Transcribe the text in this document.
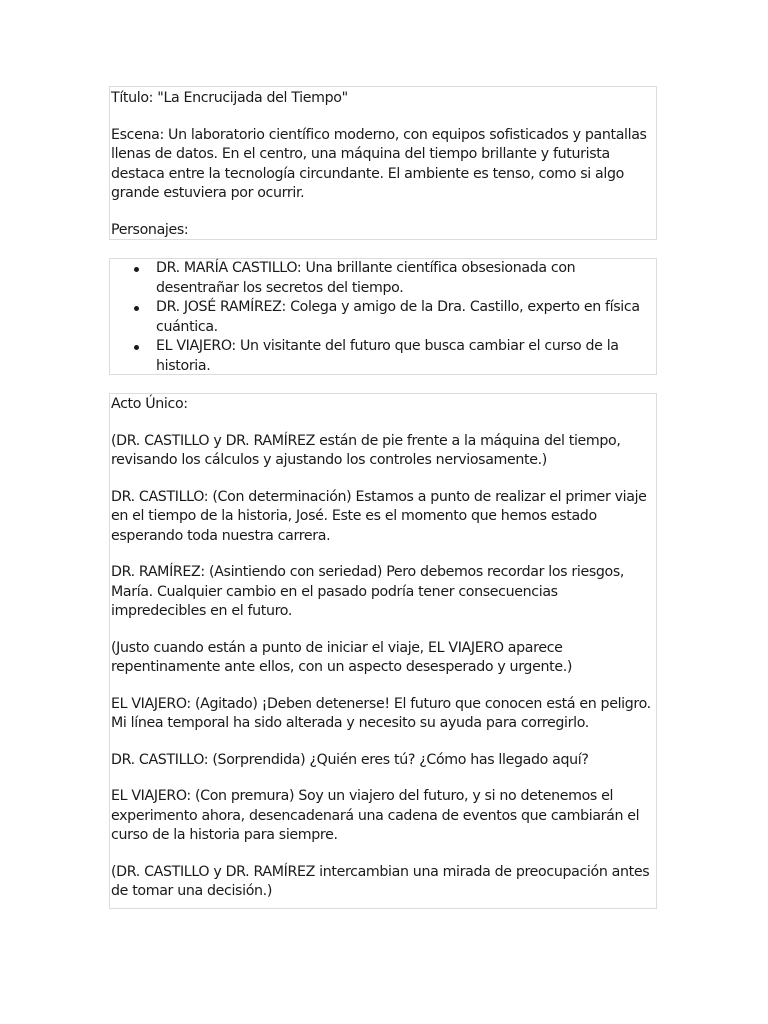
Título: "La Encrucijada del Tiempo"

Escena: Un laboratorio científico moderno, con equipos sofisticados y pantallas llenas de datos. En el centro, una máquina del tiempo brillante y futurista destaca entre la tecnología circundante. El ambiente es tenso, como si algo grande estuviera por ocurrir.

Personajes:

DR. MARÍA CASTILLO: Una brillante científica obsesionada con desentrañar los secretos del tiempo.
DR. JOSÉ RAMÍREZ: Colega y amigo de la Dra. Castillo, experto en física cuántica.
EL VIAJERO: Un visitante del futuro que busca cambiar el curso de la historia.

Acto Único:

(DR. CASTILLO y DR. RAMÍREZ están de pie frente a la máquina del tiempo, revisando los cálculos y ajustando los controles nerviosamente.)

DR. CASTILLO: (Con determinación) Estamos a punto de realizar el primer viaje en el tiempo de la historia, José. Este es el momento que hemos estado esperando toda nuestra carrera.

DR. RAMÍREZ: (Asintiendo con seriedad) Pero debemos recordar los riesgos, María. Cualquier cambio en el pasado podría tener consecuencias impredecibles en el futuro.

(Justo cuando están a punto de iniciar el viaje, EL VIAJERO aparece repentinamente ante ellos, con un aspecto desesperado y urgente.)

EL VIAJERO: (Agitado) ¡Deben detenerse! El futuro que conocen está en peligro. Mi línea temporal ha sido alterada y necesito su ayuda para corregirlo.

DR. CASTILLO: (Sorprendida) ¿Quién eres tú? ¿Cómo has llegado aquí?

EL VIAJERO: (Con premura) Soy un viajero del futuro, y si no detenemos el experimento ahora, desencadenará una cadena de eventos que cambiarán el curso de la historia para siempre.

(DR. CASTILLO y DR. RAMÍREZ intercambian una mirada de preocupación antes de tomar una decisión.)
